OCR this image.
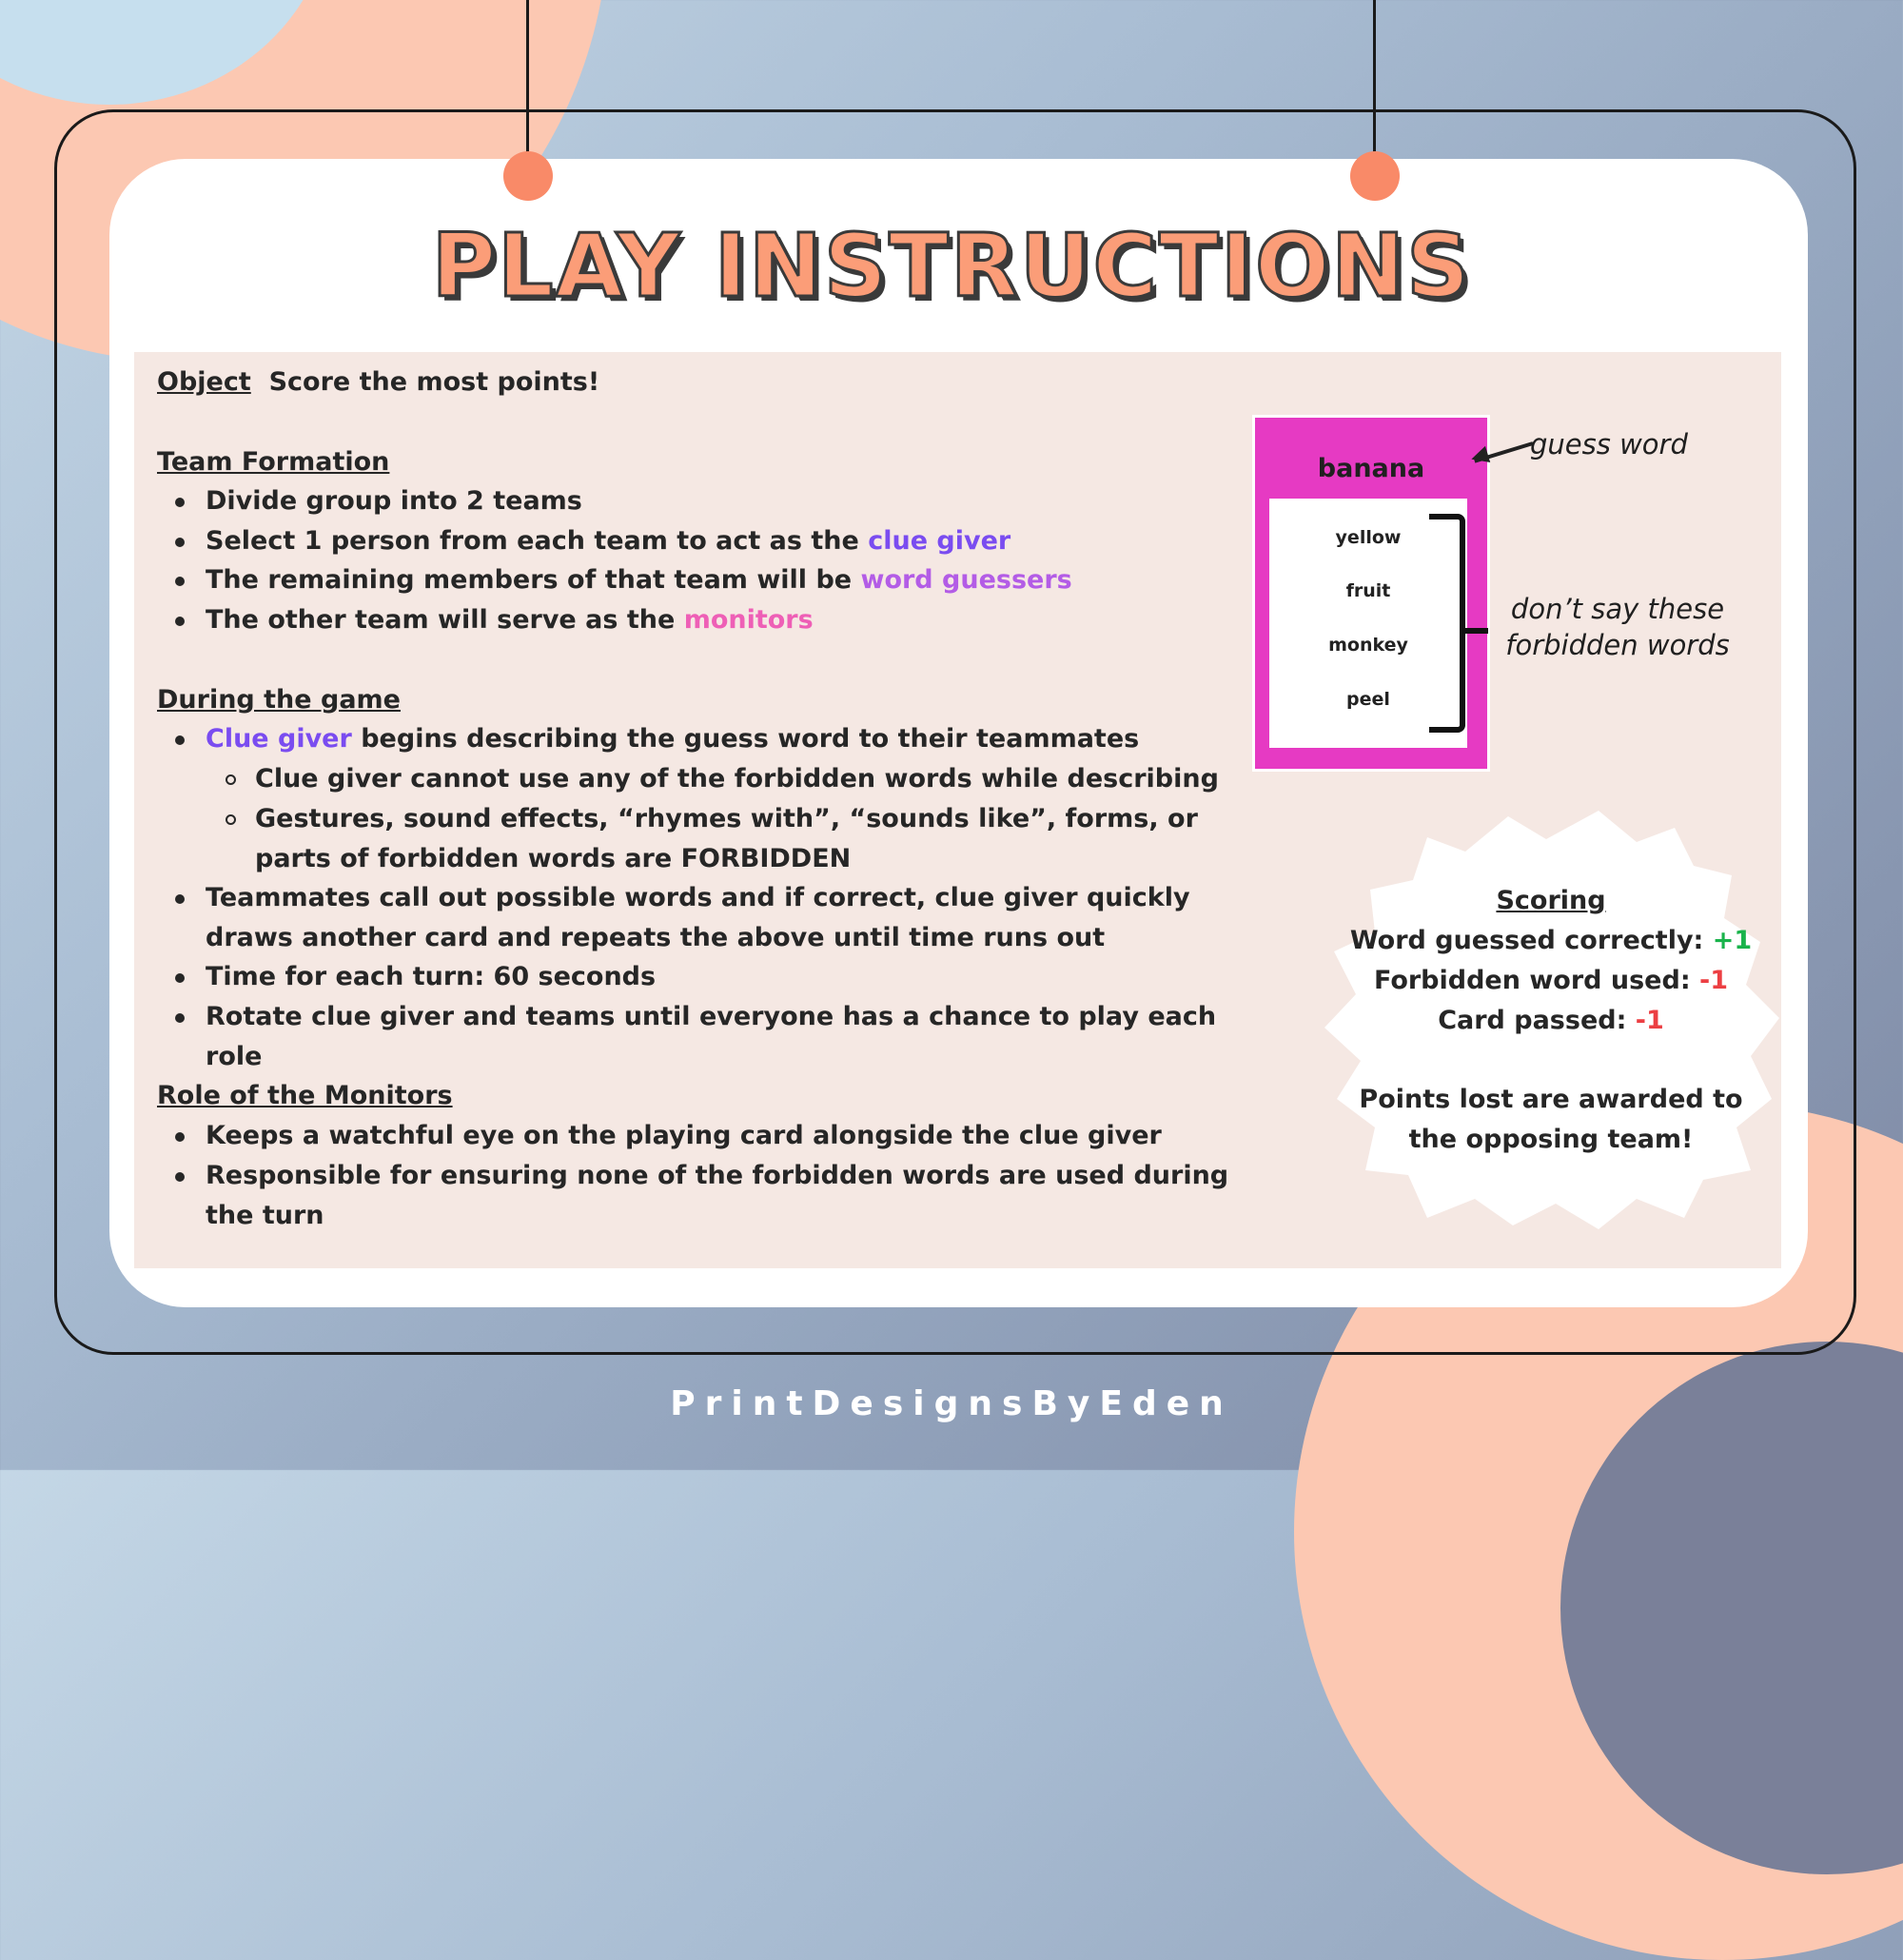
PLAY INSTRUCTIONS
Object Score the most points!
Team Formation
Divide group into 2 teams
Select 1 person from each team to act as the clue giver
The remaining members of that team will be word guessers
The other team will serve as the monitors
During the game
Clue giver begins describing the guess word to their teammates
Clue giver cannot use any of the forbidden words while describing
Gestures, sound effects, “rhymes with”, “sounds like”, forms, or parts of forbidden words are FORBIDDEN
Teammates call out possible words and if correct, clue giver quickly draws another card and repeats the above until time runs out
Time for each turn: 60 seconds
Rotate clue giver and teams until everyone has a chance to play each role
Role of the Monitors
Keeps a watchful eye on the playing card alongside the clue giver
Responsible for ensuring none of the forbidden words are used during the turn
banana
yellow
fruit
monkey
peel
guess word
don’t say these
forbidden words
Scoring
Word guessed correctly: +1
Forbidden word used: -1
Card passed: -1
Points lost are awarded to
the opposing team!
PrintDesignsByEden
